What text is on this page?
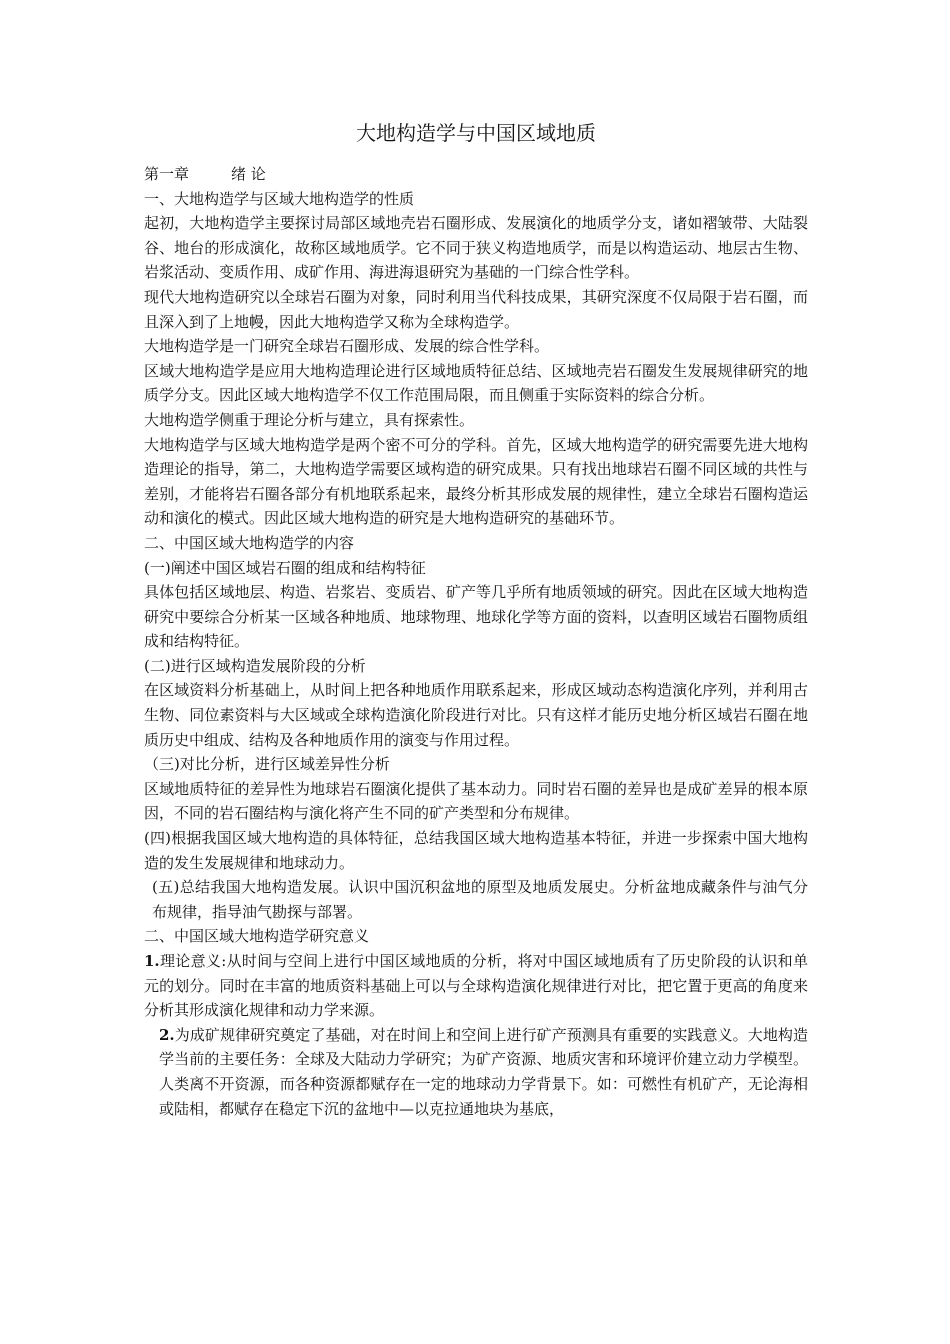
大地构造学与中国区域地质

第一章	绪 论

一、大地构造学与区域大地构造学的性质

起初，大地构造学主要探讨局部区域地壳岩石圈形成、发展演化的地质学分支，诸如褶皱带、大陆裂谷、地台的形成演化，故称区域地质学。它不同于狭义构造地质学，而是以构造运动、地层古生物、岩浆活动、变质作用、成矿作用、海进海退研究为基础的一门综合性学科。

现代大地构造研究以全球岩石圈为对象，同时利用当代科技成果，其研究深度不仅局限于岩石圈，而且深入到了上地幔，因此大地构造学又称为全球构造学。

大地构造学是一门研究全球岩石圈形成、发展的综合性学科。

区域大地构造学是应用大地构造理论进行区域地质特征总结、区域地壳岩石圈发生发展规律研究的地质学分支。因此区域大地构造学不仅工作范围局限，而且侧重于实际资料的综合分析。

大地构造学侧重于理论分析与建立，具有探索性。

大地构造学与区域大地构造学是两个密不可分的学科。首先，区域大地构造学的研究需要先进大地构造理论的指导，第二，大地构造学需要区域构造的研究成果。只有找出地球岩石圈不同区域的共性与差别，才能将岩石圈各部分有机地联系起来，最终分析其形成发展的规律性，建立全球岩石圈构造运动和演化的模式。因此区域大地构造的研究是大地构造研究的基础环节。

二、中国区域大地构造学的内容

(一)阐述中国区域岩石圈的组成和结构特征

具体包括区域地层、构造、岩浆岩、变质岩、矿产等几乎所有地质领域的研究。因此在区域大地构造研究中要综合分析某一区域各种地质、地球物理、地球化学等方面的资料，以查明区域岩石圈物质组成和结构特征。

(二)进行区域构造发展阶段的分析

在区域资料分析基础上，从时间上把各种地质作用联系起来，形成区域动态构造演化序列，并利用古生物、同位素资料与大区域或全球构造演化阶段进行对比。只有这样才能历史地分析区域岩石圈在地质历史中组成、结构及各种地质作用的演变与作用过程。

（三)对比分析，进行区域差异性分析

区域地质特征的差异性为地球岩石圈演化提供了基本动力。同时岩石圈的差异也是成矿差异的根本原因，不同的岩石圈结构与演化将产生不同的矿产类型和分布规律。

(四)根据我国区域大地构造的具体特征，总结我国区域大地构造基本特征，并进一步探索中国大地构造的发生发展规律和地球动力。

(五)总结我国大地构造发展。认识中国沉积盆地的原型及地质发展史。分析盆地成藏条件与油气分布规律，指导油气勘探与部署。

二、中国区域大地构造学研究意义

1.理论意义:从时间与空间上进行中国区域地质的分析，将对中国区域地质有了历史阶段的认识和单元的划分。同时在丰富的地质资料基础上可以与全球构造演化规律进行对比，把它置于更高的角度来分析其形成演化规律和动力学来源。

2.为成矿规律研究奠定了基础，对在时间上和空间上进行矿产预测具有重要的实践意义。大地构造学当前的主要任务：全球及大陆动力学研究；为矿产资源、地质灾害和环境评价建立动力学模型。人类离不开资源，而各种资源都赋存在一定的地球动力学背景下。如：可燃性有机矿产，无论海相或陆相，都赋存在稳定下沉的盆地中—以克拉通地块为基底，
